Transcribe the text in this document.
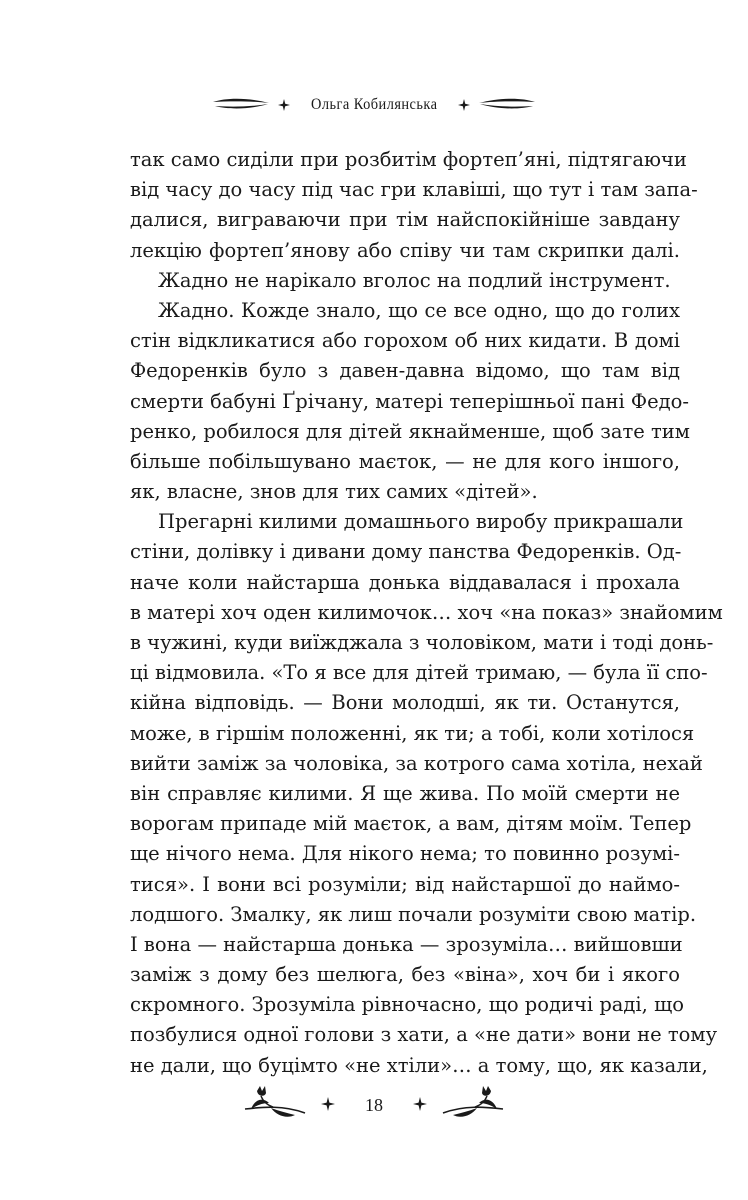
Ольга Кобилянська
так само сиділи при розбитім фортеп’яні, підтягаючи
від часу до часу під час гри клавіші, що тут і там запа-
далися, виграваючи при тім найспокійніше завдану
лекцію фортеп’янову або співу чи там скрипки далі.
Жадно не нарікало вголос на подлий інструмент.
Жадно. Кожде знало, що се все одно, що до голих
стін відкликатися або горохом об них кидати. В домі
Федоренків було з давен-давна відомо, що там від
смерти бабуні Ґрічану, матері теперішньої пані Федо-
ренко, робилося для дітей якнайменше, щоб зате тим
більше побільшувано маєток, — не для кого іншого,
як, власне, знов для тих самих «дітей».
Прегарні килими домашнього виробу прикрашали
стіни, долівку і дивани дому панства Федоренків. Од-
наче коли найстарша донька віддавалася і прохала
в матері хоч оден килимочок… хоч «на показ» знайомим
в чужині, куди виїжджала з чоловіком, мати і тоді донь-
ці відмовила. «То я все для дітей тримаю, — була її спо-
кійна відповідь. — Вони молодші, як ти. Останутся,
може, в гіршім положенні, як ти; а тобі, коли хотілося
вийти заміж за чоловіка, за котрого сама хотіла, нехай
він справляє килими. Я ще жива. По моїй смерти не
ворогам припаде мій маєток, а вам, дітям моїм. Тепер
ще нічого нема. Для нікого нема; то повинно розумі-
тися». І вони всі розуміли; від найстаршої до наймо-
лодшого. Змалку, як лиш почали розуміти свою матір.
І вона — найстарша донька — зрозуміла… вийшовши
заміж з дому без шелюга, без «віна», хоч би і якого
скромного. Зрозуміла рівночасно, що родичі раді, що
позбулися одної голови з хати, а «не дати» вони не тому
не дали, що буцімто «не хтіли»… а тому, що, як казали,
18
